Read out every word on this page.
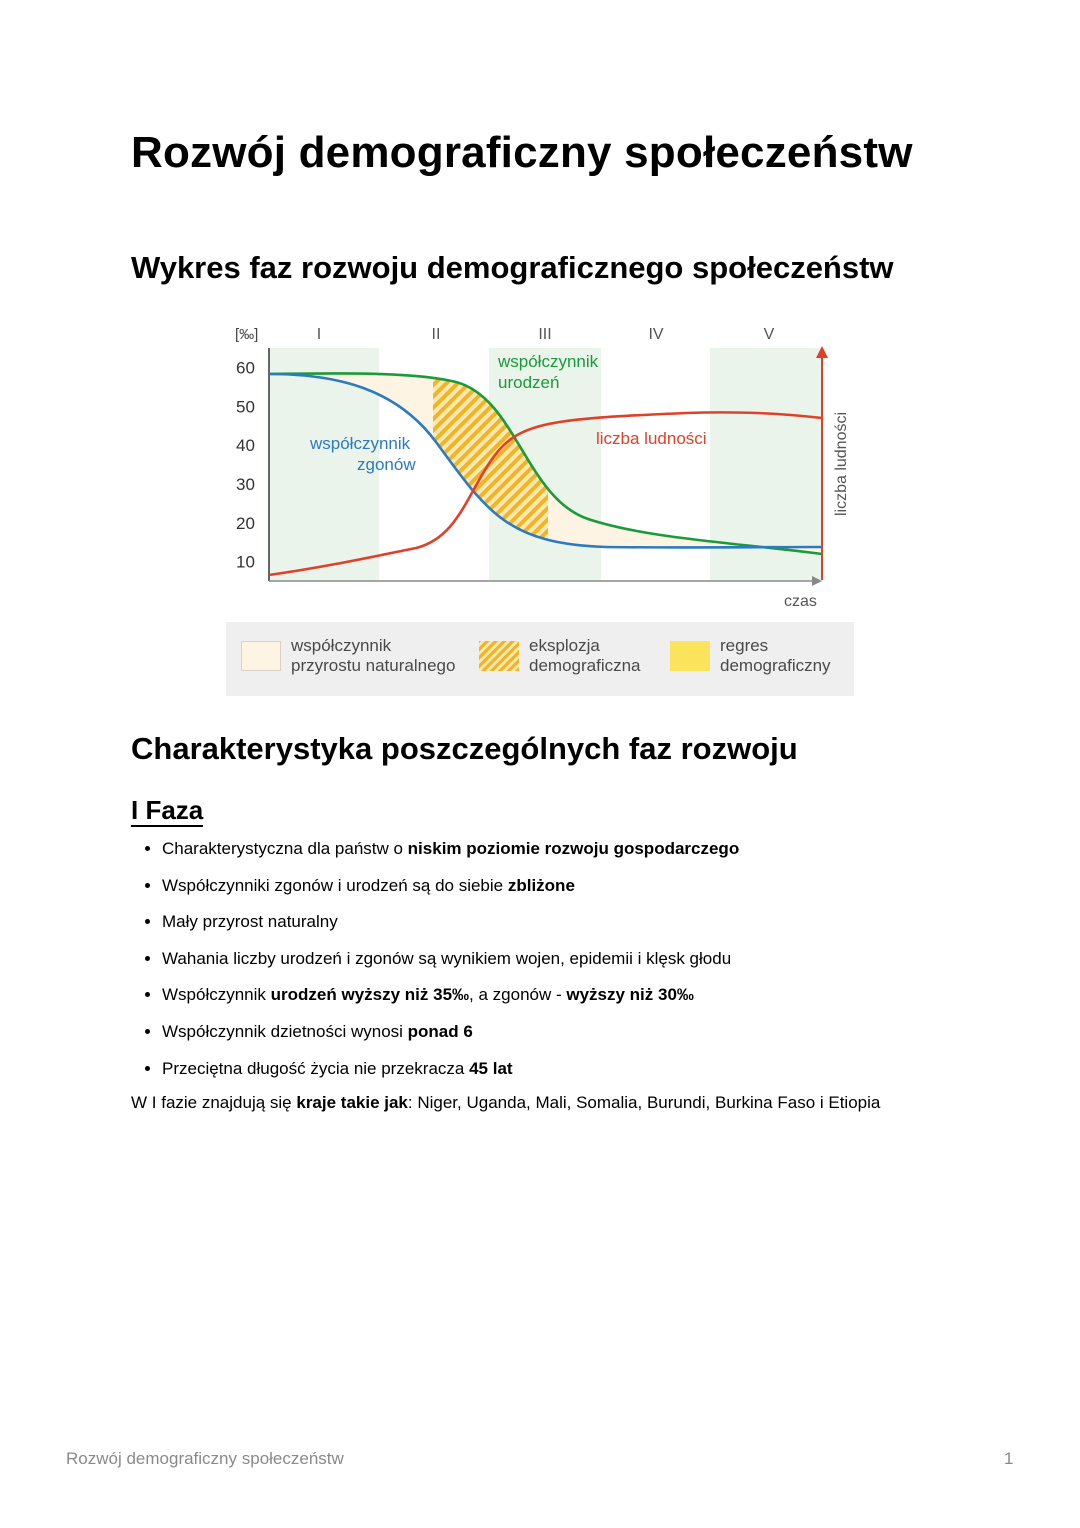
Rozwój demograficzny społeczeństw
Wykres faz rozwoju demograficznego społeczeństw
[‰]
60
50
40
30
20
10
I	II	III	IV	V
czas
liczba ludności
współczynnik
urodzeń
współczynnik
zgonów
liczba ludności
współczynnik
przyrostu naturalnego
eksplozja
demograficzna
regres
demograficzny
Charakterystyka poszczególnych faz rozwoju
I Faza
• Charakterystyczna dla państw o niskim poziomie rozwoju gospodarczego
• Współczynniki zgonów i urodzeń są do siebie zbliżone
• Mały przyrost naturalny
• Wahania liczby urodzeń i zgonów są wynikiem wojen, epidemii i klęsk głodu
• Współczynnik urodzeń wyższy niż 35‰, a zgonów - wyższy niż 30‰
• Współczynnik dzietności wynosi ponad 6
• Przeciętna długość życia nie przekracza 45 lat

W I fazie znajdują się kraje takie jak: Niger, Uganda, Mali, Somalia, Burundi, Burkina Faso i Etiopia

Rozwój demograficzny społeczeństw	1
